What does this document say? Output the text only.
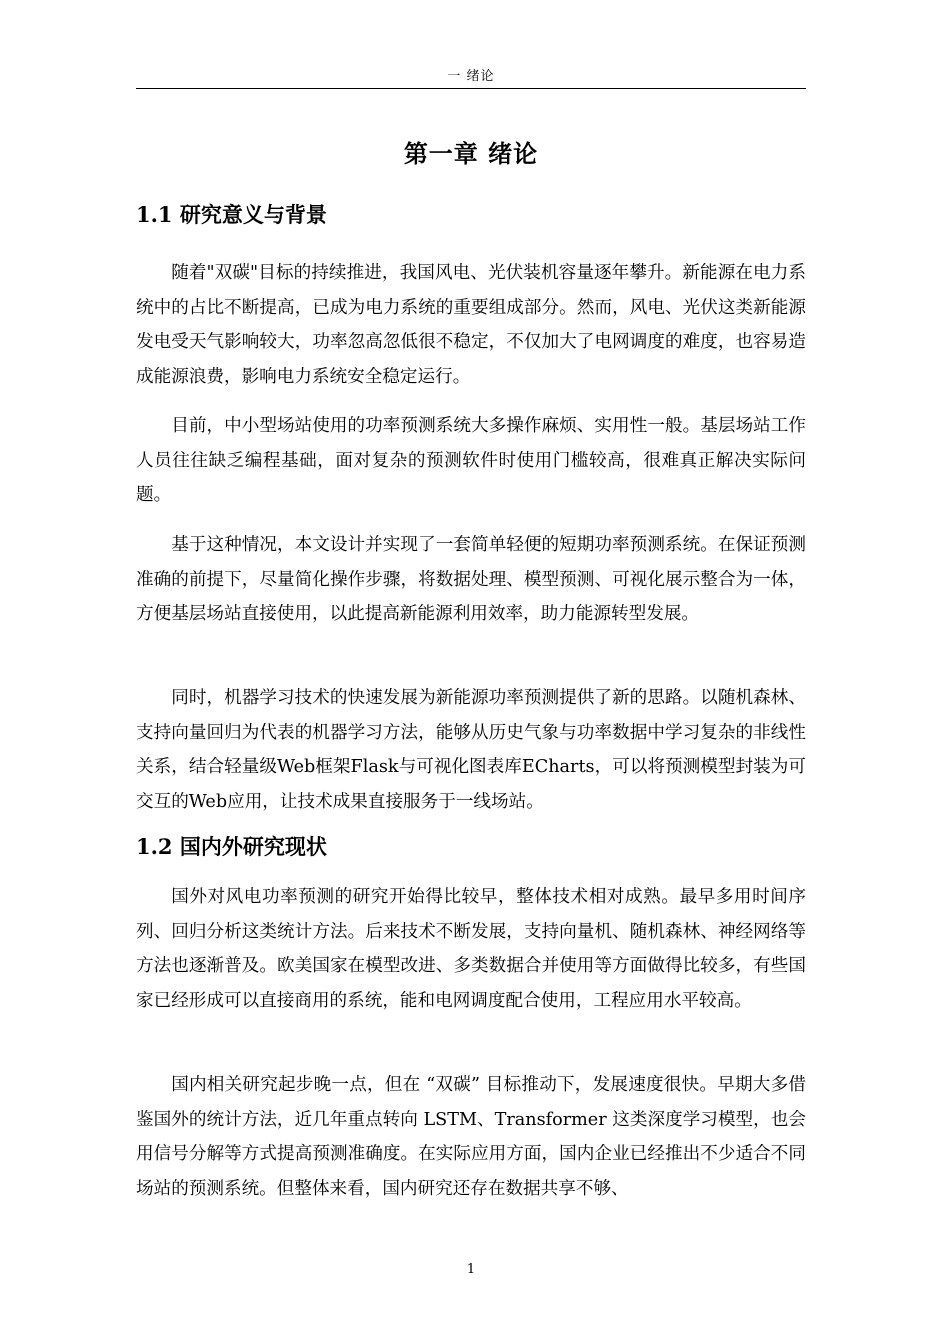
一 绪论
第一章 绪论
1.1 研究意义与背景

随着"双碳"目标的持续推进，我国风电、光伏装机容量逐年攀升。新能源在电力系统中的占比不断提高，已成为电力系统的重要组成部分。然而，风电、光伏这类新能源发电受天气影响较大，功率忽高忽低很不稳定，不仅加大了电网调度的难度，也容易造成能源浪费，影响电力系统安全稳定运行。

目前，中小型场站使用的功率预测系统大多操作麻烦、实用性一般。基层场站工作人员往往缺乏编程基础，面对复杂的预测软件时使用门槛较高，很难真正解决实际问题。

基于这种情况，本文设计并实现了一套简单轻便的短期功率预测系统。在保证预测准确的前提下，尽量简化操作步骤，将数据处理、模型预测、可视化展示整合为一体，方便基层场站直接使用，以此提高新能源利用效率，助力能源转型发展。

同时，机器学习技术的快速发展为新能源功率预测提供了新的思路。以随机森林、支持向量回归为代表的机器学习方法，能够从历史气象与功率数据中学习复杂的非线性关系，结合轻量级Web框架Flask与可视化图表库ECharts，可以将预测模型封装为可交互的Web应用，让技术成果直接服务于一线场站。

1.2 国内外研究现状

国外对风电功率预测的研究开始得比较早，整体技术相对成熟。最早多用时间序列、回归分析这类统计方法。后来技术不断发展，支持向量机、随机森林、神经网络等方法也逐渐普及。欧美国家在模型改进、多类数据合并使用等方面做得比较多，有些国家已经形成可以直接商用的系统，能和电网调度配合使用，工程应用水平较高。

国内相关研究起步晚一点，但在 “双碳” 目标推动下，发展速度很快。早期大多借鉴国外的统计方法，近几年重点转向 LSTM、Transformer 这类深度学习模型，也会用信号分解等方式提高预测准确度。在实际应用方面，国内企业已经推出不少适合不同场站的预测系统。但整体来看，国内研究还存在数据共享不够、

1
